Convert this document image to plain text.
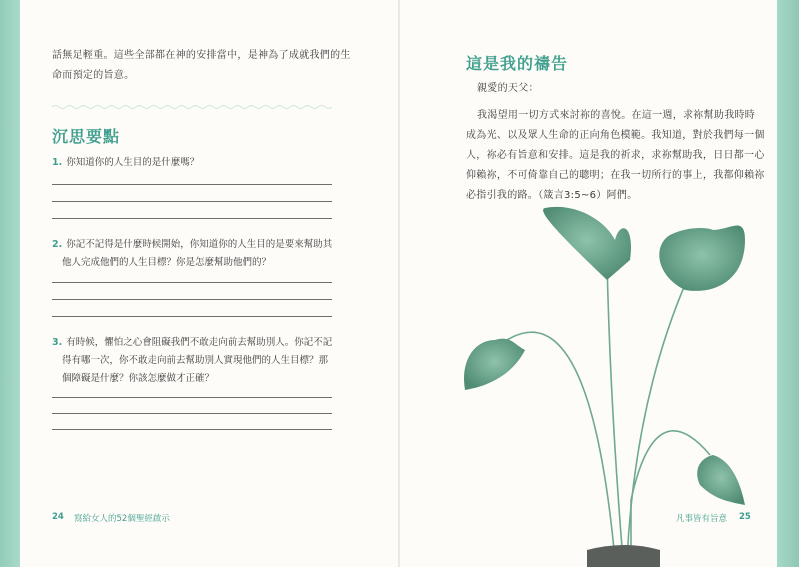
話無足輕重。這些全部都在神的安排當中，是神為了成就我們的生

命而預定的旨意。

沉思要點
1. 你知道你的人生目的是什麼嗎？
2. 你記不記得是什麼時候開始，你知道你的人生目的是要來幫助其
他人完成他們的人生目標？你是怎麼幫助他們的？
3. 有時候，懼怕之心會阻礙我們不敢走向前去幫助別人。你記不記
得有哪一次，你不敢走向前去幫助別人實現他們的人生目標？那
個障礙是什麼？你該怎麼做才正確？
24 寫給女人的52個聖經啟示
這是我的禱告

親愛的天父：

我渴望用一切方式來討祢的喜悅。在這一週，求祢幫助我時時

成為光、以及眾人生命的正向角色模範。我知道，對於我們每一個

人，祢必有旨意和安排。這是我的祈求，求祢幫助我，日日都一心

仰賴祢，不可倚靠自己的聰明；在我一切所行的事上，我都仰賴祢

必指引我的路。（箴言3:5~6）阿們。

凡事皆有旨意 25
